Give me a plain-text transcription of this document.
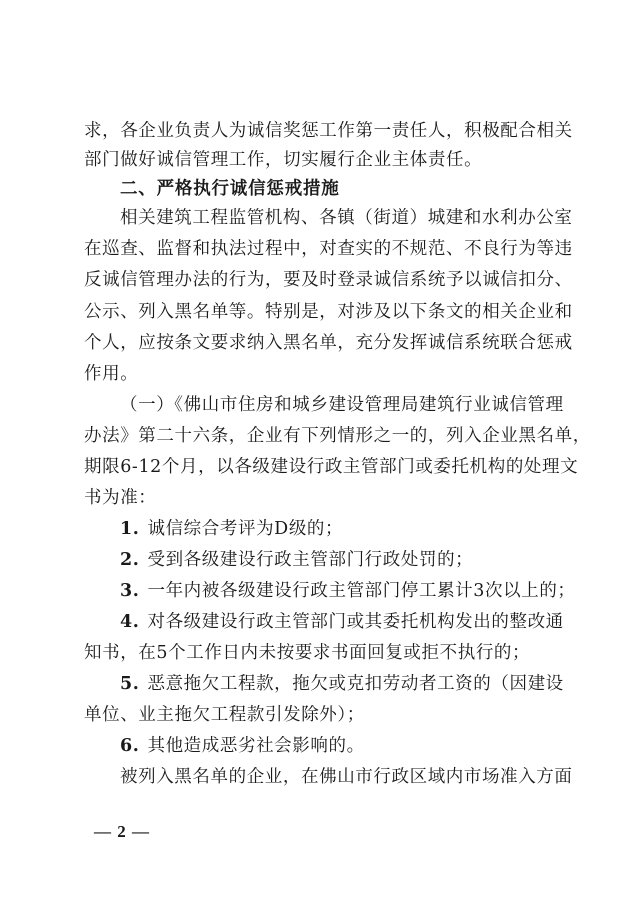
求，各企业负责人为诚信奖惩工作第一责任人，积极配合相关
部门做好诚信管理工作，切实履行企业主体责任。
二、严格执行诚信惩戒措施
相关建筑工程监管机构、各镇（街道）城建和水利办公室
在巡查、监督和执法过程中，对查实的不规范、不良行为等违
反诚信管理办法的行为，要及时登录诚信系统予以诚信扣分、
公示、列入黑名单等。特别是，对涉及以下条文的相关企业和
个人，应按条文要求纳入黑名单，充分发挥诚信系统联合惩戒
作用。
（一）《佛山市住房和城乡建设管理局建筑行业诚信管理
办法》第二十六条，企业有下列情形之一的，列入企业黑名单，
期限6-12个月，以各级建设行政主管部门或委托机构的处理文
书为准：
1. 诚信综合考评为D级的；
2. 受到各级建设行政主管部门行政处罚的；
3. 一年内被各级建设行政主管部门停工累计3次以上的；
4. 对各级建设行政主管部门或其委托机构发出的整改通
知书，在5个工作日内未按要求书面回复或拒不执行的；
5. 恶意拖欠工程款，拖欠或克扣劳动者工资的（因建设
单位、业主拖欠工程款引发除外）；
6. 其他造成恶劣社会影响的。
被列入黑名单的企业，在佛山市行政区域内市场准入方面
— 2 —
